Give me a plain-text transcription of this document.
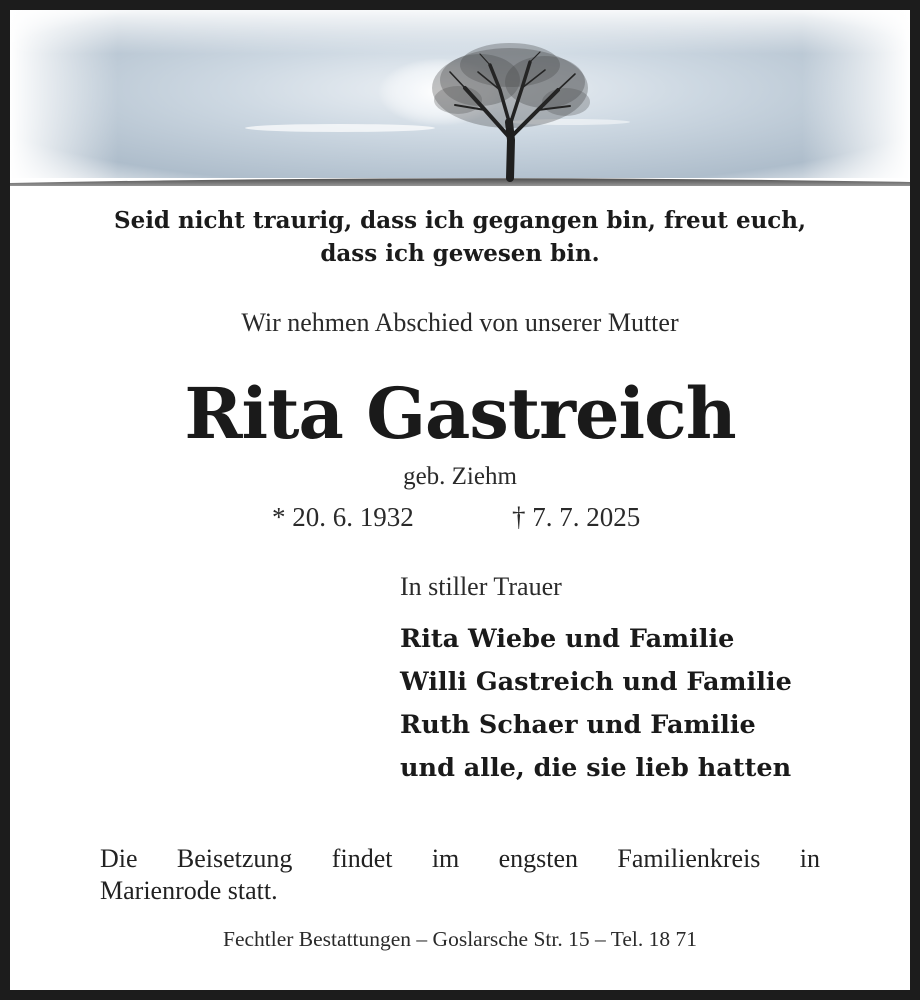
Seid nicht traurig, dass ich gegangen bin, freut euch,
dass ich gewesen bin.
Wir nehmen Abschied von unserer Mutter
Rita Gastreich
geb. Ziehm
* 20. 6. 1932	† 7. 7. 2025
In stiller Trauer
Rita Wiebe und Familie
Willi Gastreich und Familie
Ruth Schaer und Familie
und alle, die sie lieb hatten
Die Beisetzung findet im engsten Familienkreis in
Marienrode statt.
Fechtler Bestattungen – Goslarsche Str. 15 – Tel. 18 71
